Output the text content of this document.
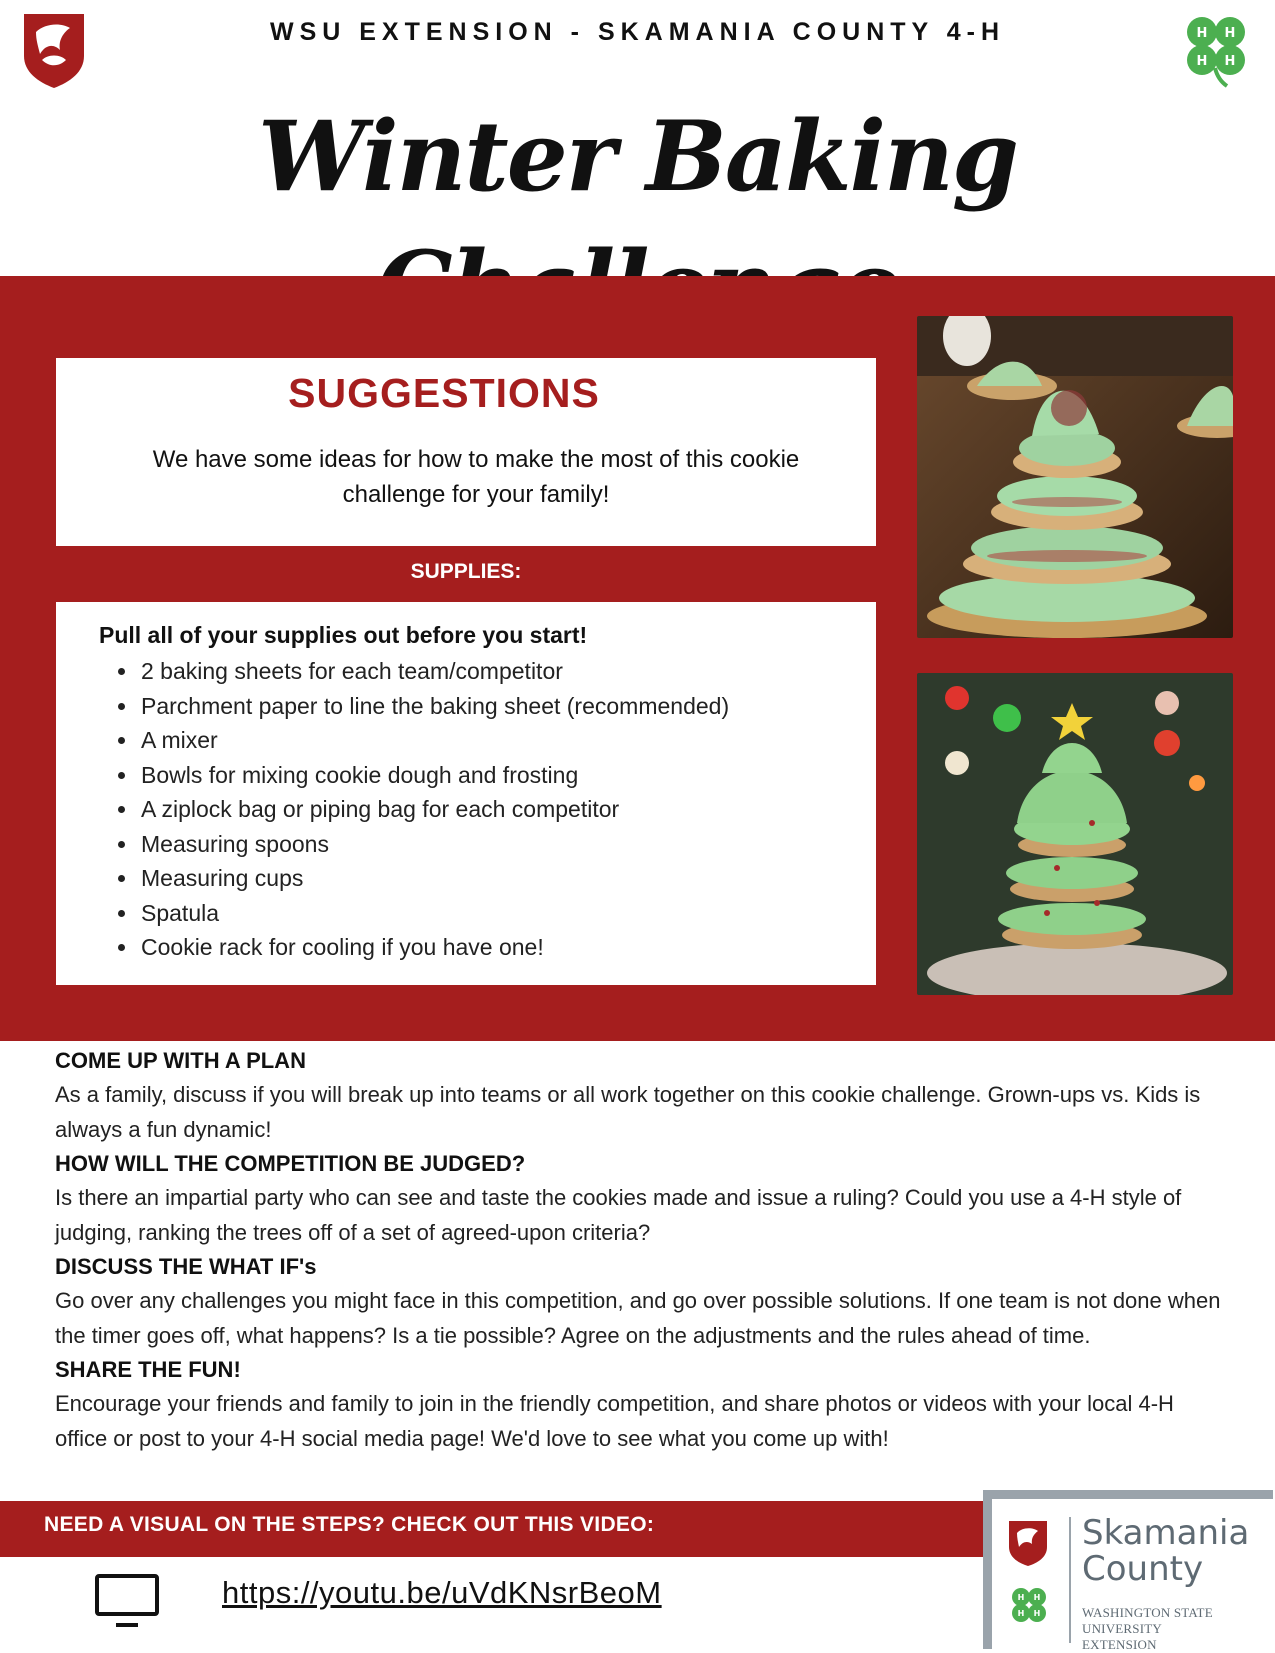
WSU EXTENSION - SKAMANIA COUNTY 4-H	H H
H H
Winter Baking
SUGGESTIONS
We have some ideas for how to make the most of this cookie challenge for your family!
SUPPLIES:
Pull all of your supplies out before you start!
• 2 baking sheets for each team/competitor
• Parchment paper to line the baking sheet (recommended)
• A mixer
• Bowls for mixing cookie dough and frosting
• A ziplock bag or piping bag for each competitor
• Measuring spoons
• Measuring cups
• Spatula
• Cookie rack for cooling if you have one!
COME UP WITH A PLAN

As a family, discuss if you will break up into teams or all work together on this cookie challenge. Grown-ups vs. Kids is always a fun dynamic!

HOW WILL THE COMPETITION BE JUDGED?

Is there an impartial party who can see and taste the cookies made and issue a ruling? Could you use a 4-H style of judging, ranking the trees off of a set of agreed-upon criteria?

DISCUSS THE WHAT IF's

Go over any challenges you might face in this competition, and go over possible solutions. If one team is not done when the timer goes off, what happens? Is a tie possible? Agree on the adjustments and the rules ahead of time.

SHARE THE FUN!

Encourage your friends and family to join in the friendly competition, and share photos or videos with your local 4-H office or post to your 4-H social media page! We'd love to see what you come up with!

NEED A VISUAL ON THE STEPS? CHECK OUT THIS VIDEO:
https://youtu.be/uVdKNsrBeoM	H H
H H
Skamania
County
WASHINGTON STATE UNIVERSITY
EXTENSION
